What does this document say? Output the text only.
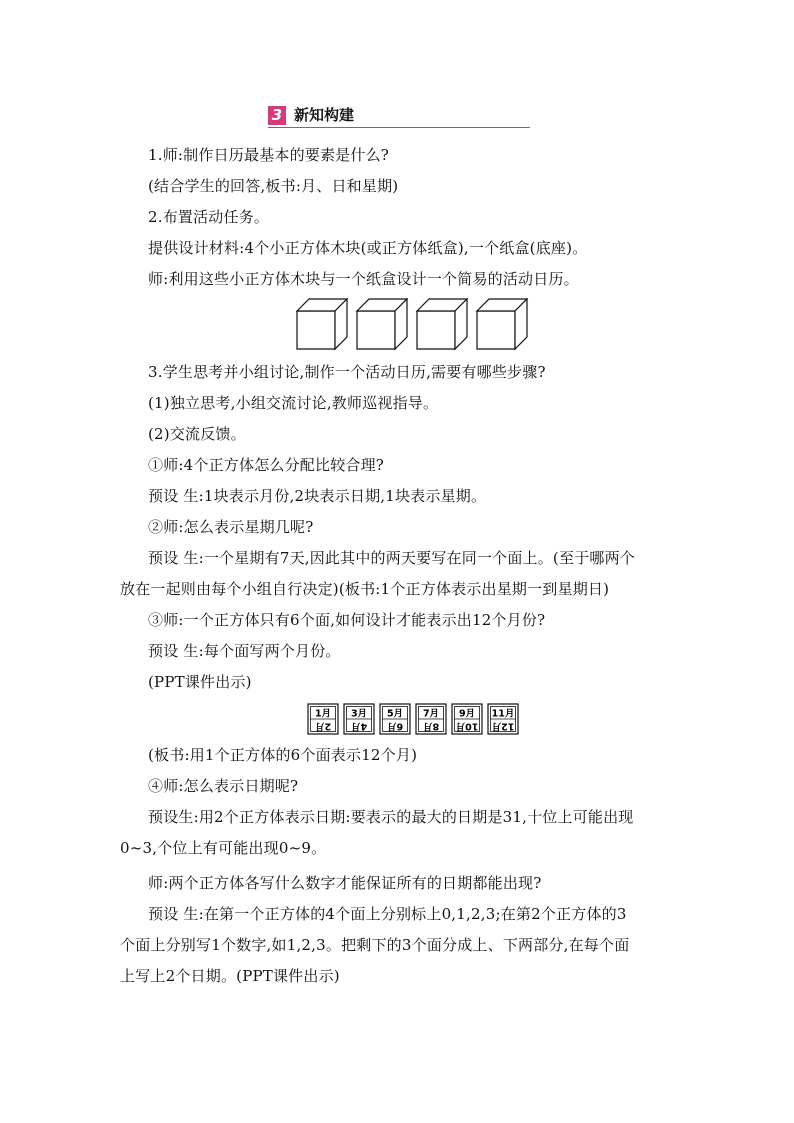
3 新知构建
1.师:制作日历最基本的要素是什么?
(结合学生的回答,板书:月、日和星期)
2.布置活动任务。
提供设计材料:4个小正方体木块(或正方体纸盒),一个纸盒(底座)。
师:利用这些小正方体木块与一个纸盒设计一个简易的活动日历。
3.学生思考并小组讨论,制作一个活动日历,需要有哪些步骤?
(1)独立思考,小组交流讨论,教师巡视指导。
(2)交流反馈。
①师:4个正方体怎么分配比较合理?
预设 生:1块表示月份,2块表示日期,1块表示星期。
②师:怎么表示星期几呢?
预设 生:一个星期有7天,因此其中的两天要写在同一个面上。(至于哪两个
放在一起则由每个小组自行决定)(板书:1个正方体表示出星期一到星期日)
③师:一个正方体只有6个面,如何设计才能表示出12个月份?
预设 生:每个面写两个月份。
(PPT课件出示)
1月
2月
3月
4月
5月
6月
7月
8月
9月
10月
11月
12月
(板书:用1个正方体的6个面表示12个月)
④师:怎么表示日期呢?
预设生:用2个正方体表示日期:要表示的最大的日期是31,十位上可能出现
0~3,个位上有可能出现0~9。
师:两个正方体各写什么数字才能保证所有的日期都能出现?
预设 生:在第一个正方体的4个面上分别标上0,1,2,3;在第2个正方体的3
个面上分别写1个数字,如1,2,3。把剩下的3个面分成上、下两部分,在每个面
上写上2个日期。(PPT课件出示)
